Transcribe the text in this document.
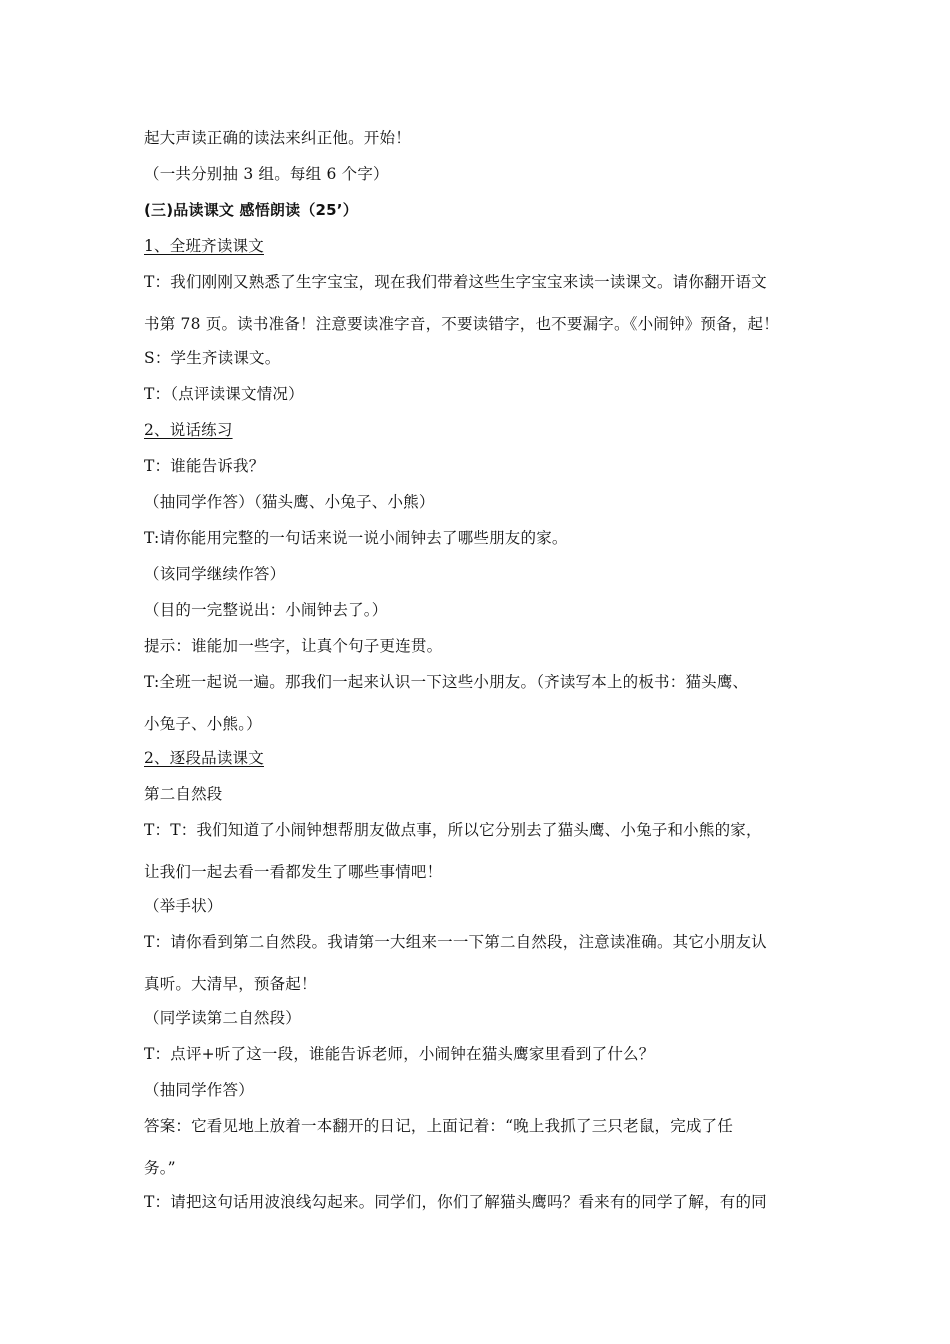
起大声读正确的读法来纠正他。开始！
（一共分别抽 3 组。每组 6 个字）
(三)品读课文 感悟朗读（25’）
1、全班齐读课文
T：我们刚刚又熟悉了生字宝宝，现在我们带着这些生字宝宝来读一读课文。请你翻开语文
书第 78 页。读书准备！注意要读准字音，不要读错字，也不要漏字。《小闹钟》预备，起！
S：学生齐读课文。
T：（点评读课文情况）
2、说话练习
T：谁能告诉我？
（抽同学作答）（猫头鹰、小兔子、小熊）
T:请你能用完整的一句话来说一说小闹钟去了哪些朋友的家。
（该同学继续作答）
（目的一完整说出：小闹钟去了。）
提示：谁能加一些字，让真个句子更连贯。
T:全班一起说一遍。那我们一起来认识一下这些小朋友。（齐读写本上的板书：猫头鹰、
小兔子、小熊。）
2、逐段品读课文
第二自然段
T：T：我们知道了小闹钟想帮朋友做点事，所以它分别去了猫头鹰、小兔子和小熊的家，
让我们一起去看一看都发生了哪些事情吧！
（举手状）
T：请你看到第二自然段。我请第一大组来一一下第二自然段，注意读准确。其它小朋友认
真听。大清早，预备起！
（同学读第二自然段）
T：点评+听了这一段，谁能告诉老师，小闹钟在猫头鹰家里看到了什么？
（抽同学作答）
答案：它看见地上放着一本翻开的日记，上面记着：“晚上我抓了三只老鼠，完成了任
务。”
T：请把这句话用波浪线勾起来。同学们，你们了解猫头鹰吗？看来有的同学了解，有的同
